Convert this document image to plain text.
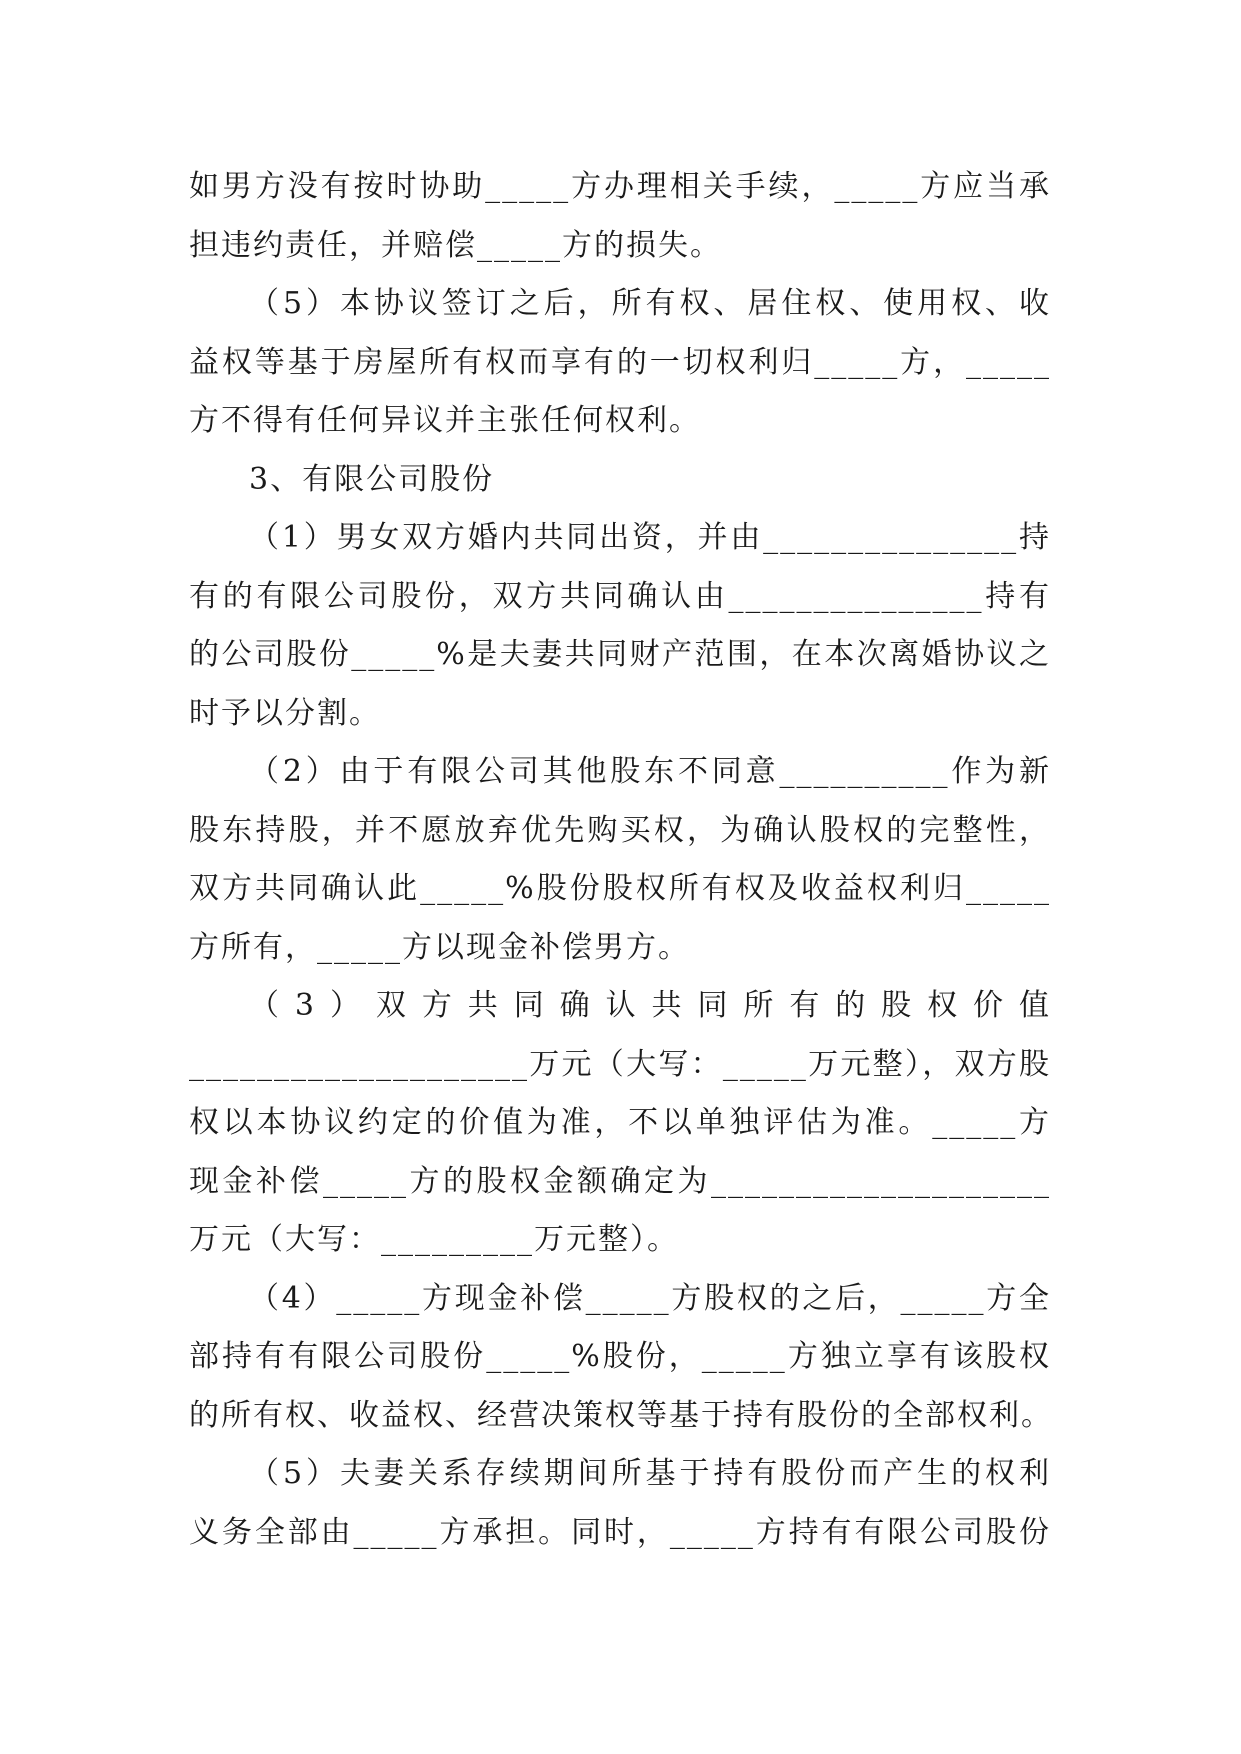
如男方没有按时协助_____方办理相关手续，_____方应当承
担违约责任，并赔偿_____方的损失。
（5）本协议签订之后，所有权、居住权、使用权、收
益权等基于房屋所有权而享有的一切权利归_____方，_____
方不得有任何异议并主张任何权利。
3、有限公司股份
（1）男女双方婚内共同出资，并由_______________持
有的有限公司股份，双方共同确认由_______________持有
的公司股份_____%是夫妻共同财产范围，在本次离婚协议之
时予以分割。
（2）由于有限公司其他股东不同意__________作为新
股东持股，并不愿放弃优先购买权，为确认股权的完整性，
双方共同确认此_____%股份股权所有权及收益权利归_____
方所有，_____方以现金补偿男方。
（3）双方共同确认共同所有的股权价值
____________________万元（大写：_____万元整），双方股
权以本协议约定的价值为准，不以单独评估为准。_____方
现金补偿_____方的股权金额确定为____________________
万元（大写：_________万元整）。
（4）_____方现金补偿_____方股权的之后，_____方全
部持有有限公司股份_____%股份，_____方独立享有该股权
的所有权、收益权、经营决策权等基于持有股份的全部权利。
（5）夫妻关系存续期间所基于持有股份而产生的权利
义务全部由_____方承担。同时，_____方持有有限公司股份
